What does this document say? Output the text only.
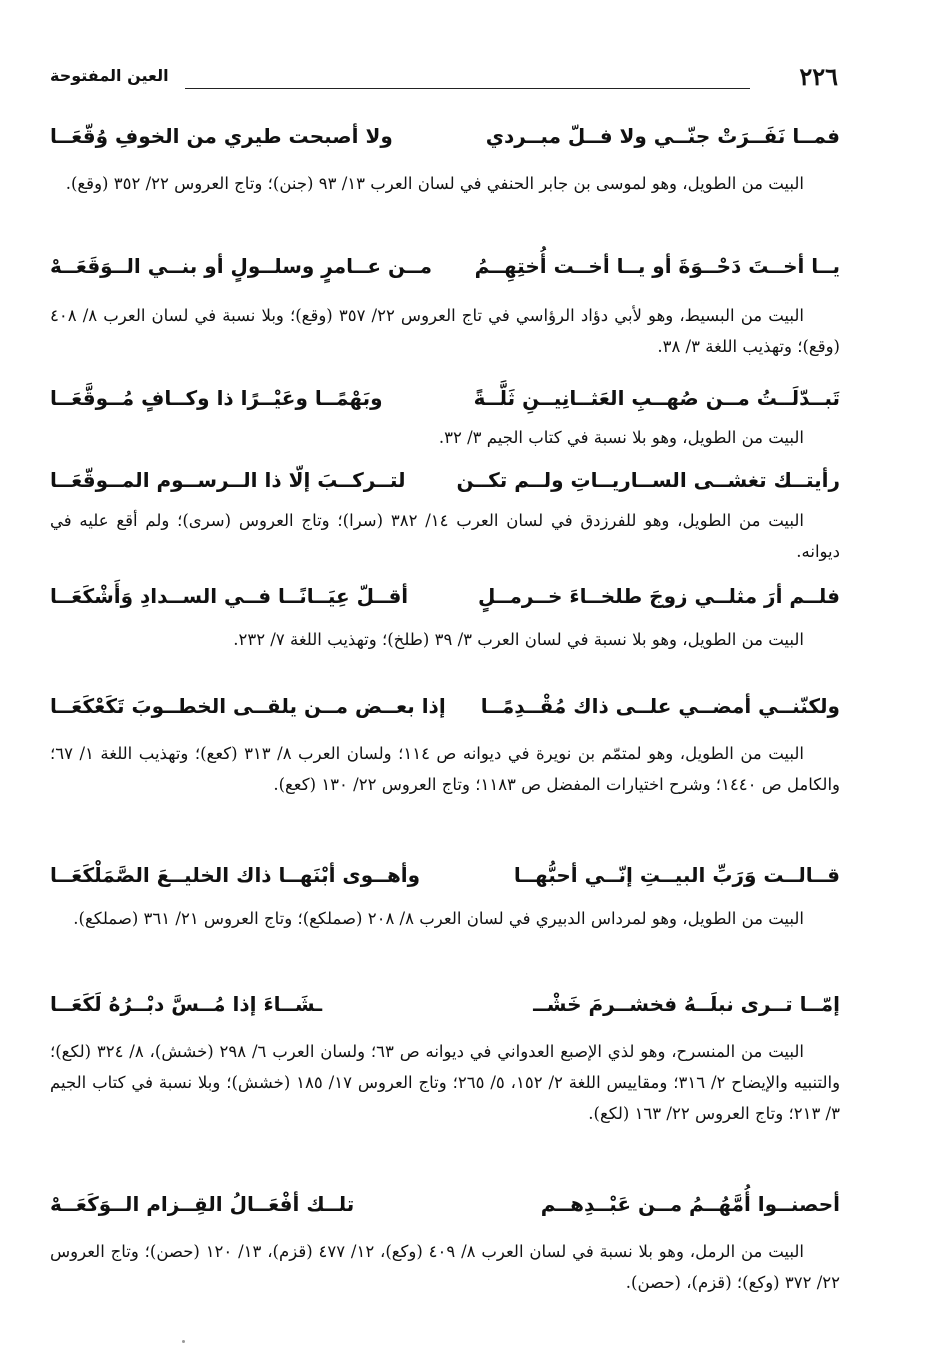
٢٢٦
العين المفتوحة
فمــا نَفَــرَتْ جنّــي ولا فــلّ مبــردي
ولا أصبحت طيري من الخوفِ وُقّعَــا
البيت من الطويل، وهو لموسى بن جابر الحنفي في لسان العرب ١٣/ ٩٣ (جنن)؛ وتاج العروس ٢٢/ ٣٥٢ (وقع).
يــا أخــتَ دَحْــوَةَ أو يــا أخــت أُختِهِــمُ
مــن عــامرٍ وسلــولٍ أو بنــي الــوَقَعَــهْ
البيت من البسيط، وهو لأبي دؤاد الرؤاسي في تاج العروس ٢٢/ ٣٥٧ (وقع)؛ وبلا نسبة في لسان العرب ٨/ ٤٠٨ (وقع)؛ وتهذيب اللغة ٣/ ٣٨.
تَبــدّلَــتُ مــن صُهــبِ العَثــانِيــنِ ثَلَّــةً
وبَهْمًــا وعَيْــرًا ذا وكــافٍ مُــوقَّعَــا
البيت من الطويل، وهو بلا نسبة في كتاب الجيم ٣/ ٣٢.
رأيتــك تغشــى الســاريــاتِ ولــم تكــن
لتــركــبَ إلّا ذا الــرســوم المــوقّعَــا
البيت من الطويل، وهو للفرزدق في لسان العرب ١٤/ ٣٨٢ (سرا)؛ وتاج العروس (سرى)؛ ولم أقع عليه في ديوانه.
فلــم أرَ مثلــي زوجَ طلخــاءَ خــرمــلٍ
أقــلّ عِيَــانًــا فــي الســدادِ وَأَشْكَعَــا
البيت من الطويل، وهو بلا نسبة في لسان العرب ٣/ ٣٩ (طلخ)؛ وتهذيب اللغة ٧/ ٢٣٢.
ولكنّنــي أمضــي علــى ذاك مُقْــدِمًــا
إذا بعــض مــن يلقــى الخطــوبَ تَكَعْكَعَــا
البيت من الطويل، وهو لمتمّم بن نويرة في ديوانه ص ١١٤؛ ولسان العرب ٨/ ٣١٣ (كعع)؛ وتهذيب اللغة ١/ ٦٧؛ والكامل ص ١٤٤٠؛ وشرح اختيارات المفضل ص ١١٨٣؛ وتاج العروس ٢٢/ ١٣٠ (كعع).
قــالــت وَرَبِّ البيــتِ إنّــي أحبُّهــا
وأهــوى أبْنَهــا ذاك الخليــعَ الصَّمَلْكَعَــا
البيت من الطويل، وهو لمرداس الدبيري في لسان العرب ٨/ ٢٠٨ (صملكع)؛ وتاج العروس ٢١/ ٣٦١ (صملكع).
إمّــا تــرى نبلَــهُ فخشــرمَ خَشْــ
ـشَــاءَ إذا مُــسَّ دبْــرُهُ لَكَعَــا
البيت من المنسرح، وهو لذي الإصبع العدواني في ديوانه ص ٦٣؛ ولسان العرب ٦/ ٢٩٨ (خشش)، ٨/ ٣٢٤ (لكع)؛ والتنبيه والإيضاح ٢/ ٣١٦؛ ومقاييس اللغة ٢/ ١٥٢، ٥/ ٢٦٥؛ وتاج العروس ١٧/ ١٨٥ (خشش)؛ وبلا نسبة في كتاب الجيم ٣/ ٢١٣؛ وتاج العروس ٢٢/ ١٦٣ (لكع).
أحصنــوا أُمَّهُــمُ مــن عَبْــدِهــم
تلــك أفْعَــالُ القِــزام الــوَكَعَــهْ
البيت من الرمل، وهو بلا نسبة في لسان العرب ٨/ ٤٠٩ (وكع)، ١٢/ ٤٧٧ (قزم)، ١٣/ ١٢٠ (حصن)؛ وتاج العروس ٢٢/ ٣٧٢ (وكع)؛ (قزم)، (حصن).
